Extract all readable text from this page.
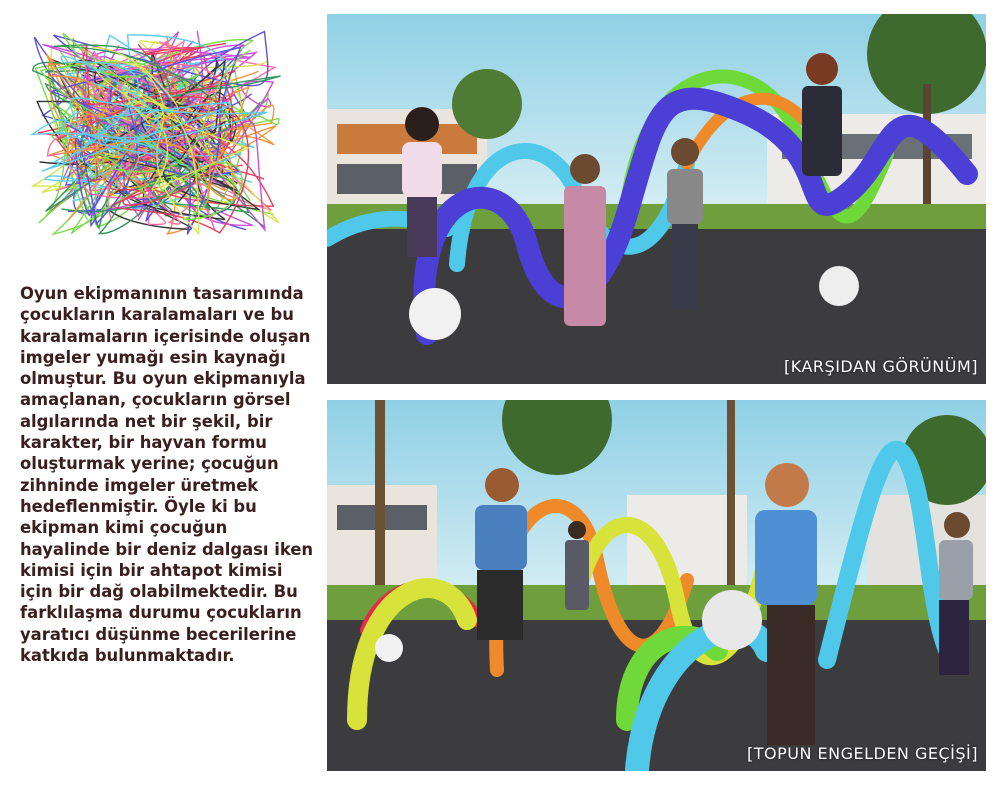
Oyun ekipmanının tasarımında çocukların karalamaları ve bu karalamaların içerisinde oluşan imgeler yumağı esin kaynağı olmuştur. Bu oyun ekipmanıyla amaçlanan, çocukların görsel algılarında net bir şekil, bir karakter, bir hayvan formu oluşturmak yerine; çocuğun zihninde imgeler üretmek hedeflenmiştir. Öyle ki bu ekipman kimi çocuğun hayalinde bir deniz dalgası iken kimisi için bir ahtapot kimisi için bir dağ olabilmektedir. Bu farklılaşma durumu çocukların yaratıcı düşünme becerilerine katkıda bulunmaktadır.

[KARŞIDAN GÖRÜNÜM]
[TOPUN ENGELDEN GEÇİŞİ]
